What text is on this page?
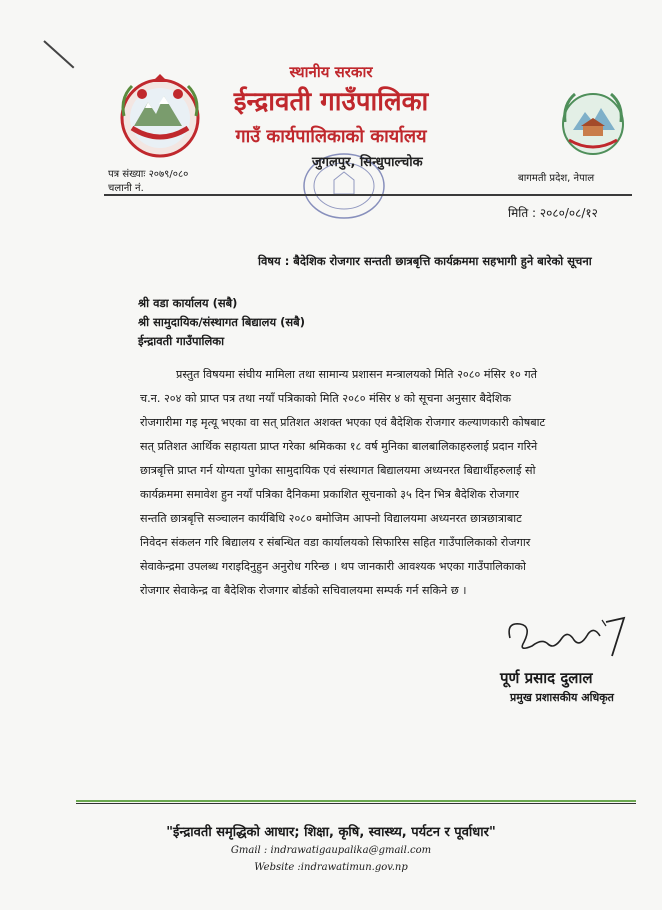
स्थानीय सरकार
ईन्द्रावती गाउँपालिका
गाउँ कार्यपालिकाको कार्यालय
जुगलपुर, सिन्धुपाल्चोक
पत्र संख्याः २०७९/०८०
चलानी नं.
बागमती प्रदेश, नेपाल
मिति : २०८०/०८/१२
विषय : बैदेशिक रोजगार सन्तती छात्रबृत्ति कार्यक्रममा सहभागी हुने बारेको सूचना
श्री वडा कार्यालय (सबै)
श्री सामुदायिक/संस्थागत बिद्यालय (सबै)
ईन्द्रावती गाउँपालिका
प्रस्तुत विषयमा संघीय मामिला तथा सामान्य प्रशासन मन्त्रालयको मिति २०८० मंसिर १० गते
च.न. २०४ को प्राप्त पत्र तथा नयाँ पत्रिकाको मिति २०८० मंसिर ४ को सूचना अनुसार बैदेशिक
रोजगारीमा गइ मृत्यू भएका वा सत् प्रतिशत अशक्त भएका एवं बैदेशिक रोजगार कल्याणकारी कोषबाट
सत् प्रतिशत आर्थिक सहायता प्राप्त गरेका श्रमिकका १८ वर्ष मुनिका बालबालिकाहरुलाई प्रदान गरिने
छात्रबृत्ति प्राप्त गर्न योग्यता पुगेका सामुदायिक एवं संस्थागत बिद्यालयमा अध्यनरत बिद्यार्थीहरुलाई सो
कार्यक्रममा समावेश हुन नयाँ पत्रिका दैनिकमा प्रकाशित सूचनाको ३५ दिन भित्र बैदेशिक रोजगार
सन्तति छात्रबृत्ति सञ्चालन कार्यबिधि २०८० बमोजिम आफ्नो विद्यालयमा अध्यनरत छात्रछात्राबाट
निवेदन संकलन गरि बिद्यालय र संबन्धित वडा कार्यालयको सिफारिस सहित गाउँपालिकाको रोजगार
सेवाकेन्द्रमा उपलब्ध गराइदिनुहुन अनुरोध गरिन्छ । थप जानकारी आवश्यक भएका गाउँपालिकाको
रोजगार सेवाकेन्द्र वा बैदेशिक रोजगार बोर्डको सचिवालयमा सम्पर्क गर्न सकिने छ ।
पूर्ण प्रसाद दुलाल
प्रमुख प्रशासकीय अधिकृत
"ईन्द्रावती समृद्धिको आधार; शिक्षा, कृषि, स्वास्थ्य, पर्यटन र पूर्वाधार"
Gmail : indrawatigaupalika@gmail.com
Website :indrawatimun.gov.np
